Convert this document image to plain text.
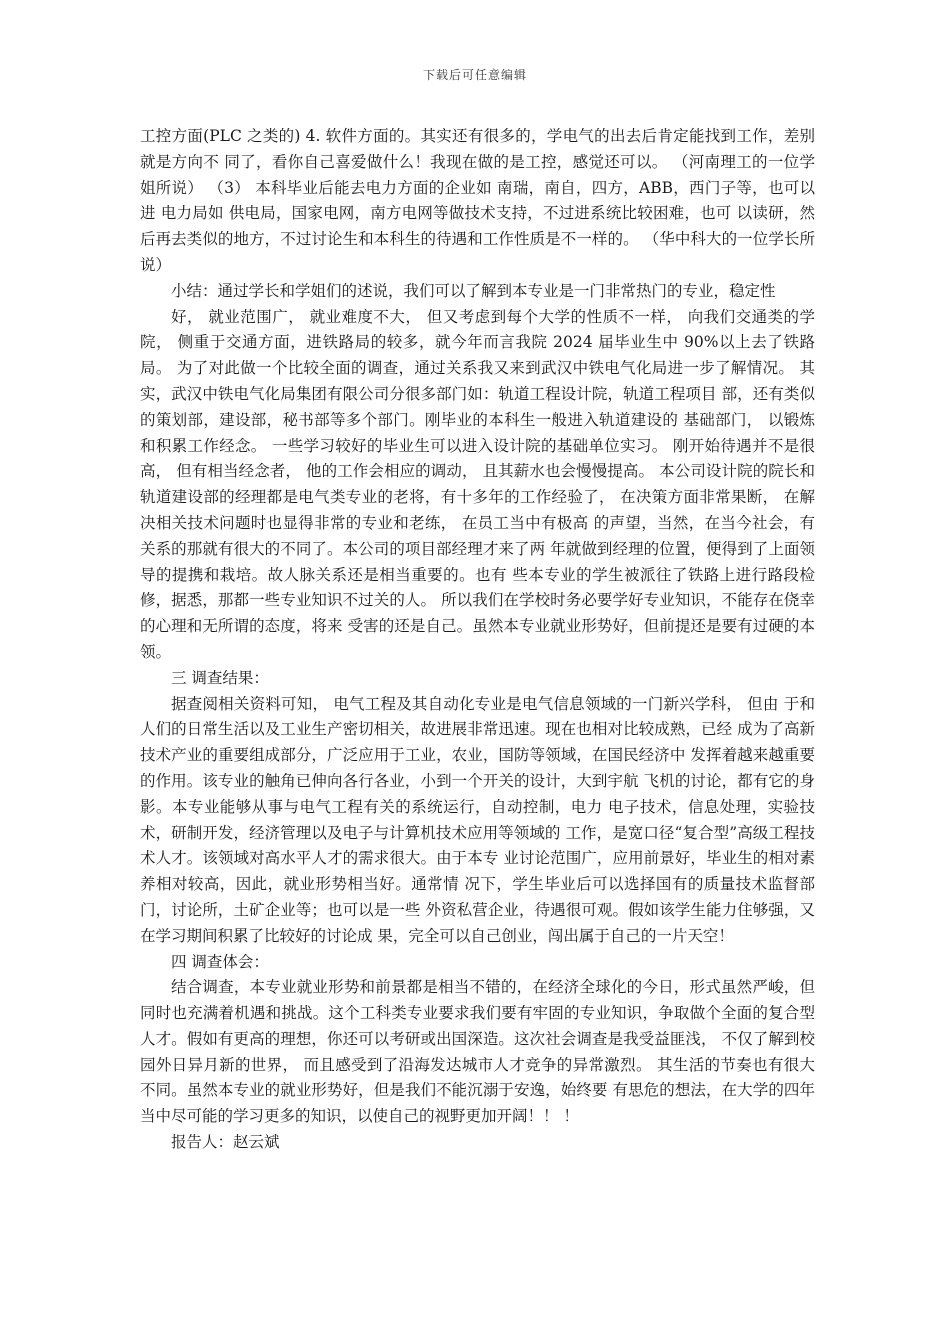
下载后可任意编辑

工控方面(PLC 之类的) 4. 软件方面的。其实还有很多的，学电气的出去后肯定能找到工作，差别就是方向不 同了，看你自己喜爱做什么！我现在做的是工控，感觉还可以。 （河南理工的一位学 姐所说） （3） 本科毕业后能去电力方面的企业如 南瑞，南自，四方，ABB，西门子等，也可以进 电力局如 供电局，国家电网，南方电网等做技术支持，不过进系统比较困难，也可 以读研，然后再去类似的地方，不过讨论生和本科生的待遇和工作性质是不一样的。 （华中科大的一位学长所说）

小结：通过学长和学姐们的述说，我们可以了解到本专业是一门非常热门的专业，稳定性

好， 就业范围广， 就业难度不大， 但又考虑到每个大学的性质不一样， 向我们交通类的学院， 侧重于交通方面，进铁路局的较多，就今年而言我院 2024 届毕业生中 90%以上去了铁路局。 为了对此做一个比较全面的调查，通过关系我又来到武汉中铁电气化局进一步了解情况。 其实，武汉中铁电气化局集团有限公司分很多部门如：轨道工程设计院，轨道工程项目 部，还有类似的策划部，建设部，秘书部等多个部门。刚毕业的本科生一般进入轨道建设的 基础部门， 以锻炼和积累工作经念。 一些学习较好的毕业生可以进入设计院的基础单位实习。 刚开始待遇并不是很高， 但有相当经念者， 他的工作会相应的调动， 且其薪水也会慢慢提高。 本公司设计院的院长和轨道建设部的经理都是电气类专业的老将，有十多年的工作经验了， 在决策方面非常果断， 在解决相关技术问题时也显得非常的专业和老练， 在员工当中有极高 的声望，当然，在当今社会，有关系的那就有很大的不同了。本公司的项目部经理才来了两 年就做到经理的位置，便得到了上面领导的提携和栽培。故人脉关系还是相当重要的。也有 些本专业的学生被派往了铁路上进行路段检修，据悉，那都一些专业知识不过关的人。 所以我们在学校时务必要学好专业知识，不能存在侥幸的心理和无所谓的态度，将来 受害的还是自己。虽然本专业就业形势好，但前提还是要有过硬的本领。

三 调查结果：

据查阅相关资料可知， 电气工程及其自动化专业是电气信息领域的一门新兴学科， 但由 于和人们的日常生活以及工业生产密切相关，故进展非常迅速。现在也相对比较成熟，已经 成为了高新技术产业的重要组成部分，广泛应用于工业，农业，国防等领域，在国民经济中 发挥着越来越重要的作用。该专业的触角已伸向各行各业，小到一个开关的设计，大到宇航 飞机的讨论，都有它的身影。本专业能够从事与电气工程有关的系统运行，自动控制，电力 电子技术，信息处理，实验技术，研制开发，经济管理以及电子与计算机技术应用等领域的 工作，是宽口径“复合型”高级工程技术人才。该领域对高水平人才的需求很大。由于本专 业讨论范围广，应用前景好，毕业生的相对素养相对较高，因此，就业形势相当好。通常情 况下，学生毕业后可以选择国有的质量技术监督部门，讨论所，土矿企业等；也可以是一些 外资私营企业，待遇很可观。假如该学生能力住够强，又在学习期间积累了比较好的讨论成 果，完全可以自己创业，闯出属于自己的一片天空！

四 调查体会：

结合调查，本专业就业形势和前景都是相当不错的，在经济全球化的今日，形式虽然严峻，但同时也充满着机遇和挑战。这个工科类专业要求我们要有牢固的专业知识，争取做个全面的复合型人才。假如有更高的理想，你还可以考研或出国深造。这次社会调查是我受益匪浅， 不仅了解到校园外日异月新的世界， 而且感受到了沿海发达城市人才竞争的异常激烈。 其生活的节奏也有很大不同。虽然本专业的就业形势好，但是我们不能沉溺于安逸，始终要 有思危的想法，在大学的四年当中尽可能的学习更多的知识，以使自己的视野更加开阔！！ ！

报告人：赵云斌
